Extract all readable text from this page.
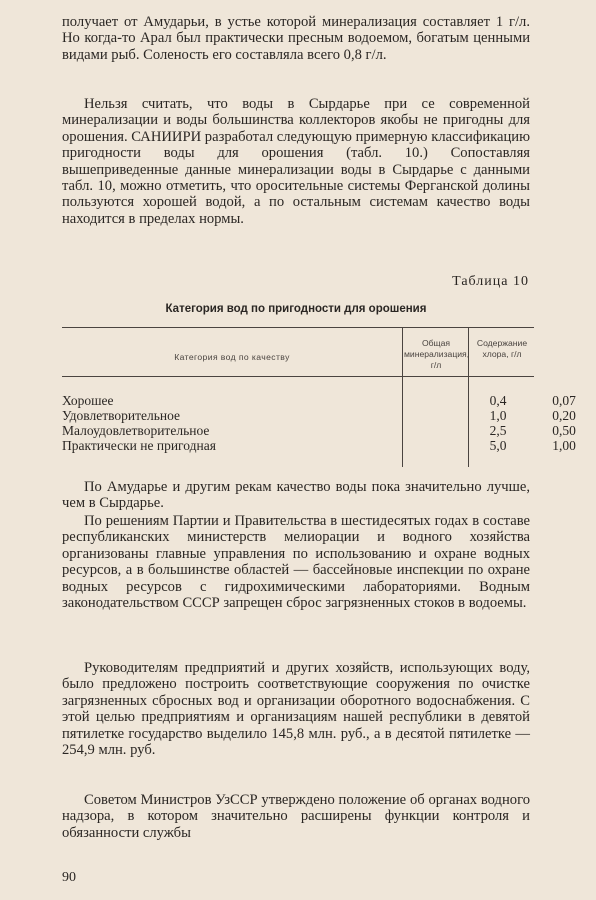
получает от Амударьи, в устье которой минерализация составляет 1 г/л. Но когда-то Арал был практически пресным водоемом, богатым ценными видами рыб. Соленость его составляла всего 0,8 г/л.

Нельзя считать, что воды в Сырдарье при се современной минерализации и воды большинства коллекторов якобы не пригодны для орошения. САНИИРИ разработал следующую примерную классификацию пригодности воды для орошения (табл. 10.) Сопоставляя вышеприведенные данные минерализации воды в Сырдарье с данными табл. 10, можно отметить, что оросительные системы Ферганской долины пользуются хорошей водой, а по остальным системам качество воды находится в пределах нормы.

Таблица 10
Категория вод по пригодности для орошения
Категория вод по качеству
Общая минерализация, г/л
Содержание хлора, г/л
Хорошее	0,4	0,07
Удовлетворительное	1,0	0,20
Малоудовлетворительное	2,5	0,50
Практически не пригодная	5,0	1,00

По Амударье и другим рекам качество воды пока значительно лучше, чем в Сырдарье.

По решениям Партии и Правительства в шестидесятых годах в составе республиканских министерств мелиорации и водного хозяйства организованы главные управления по использованию и охране водных ресурсов, а в большинстве областей — бассейновые инспекции по охране водных ресурсов с гидрохимическими лабораториями. Водным законодательством СССР запрещен сброс загрязненных стоков в водоемы.

Руководителям предприятий и других хозяйств, использующих воду, было предложено построить соответствующие сооружения по очистке загрязненных сбросных вод и организации оборотного водоснабжения. С этой целью предприятиям и организациям нашей республики в девятой пятилетке государство выделило 145,8 млн. руб., а в десятой пятилетке — 254,9 млн. руб.

Советом Министров УзССР утверждено положение об органах водного надзора, в котором значительно расширены функции контроля и обязанности службы

90
